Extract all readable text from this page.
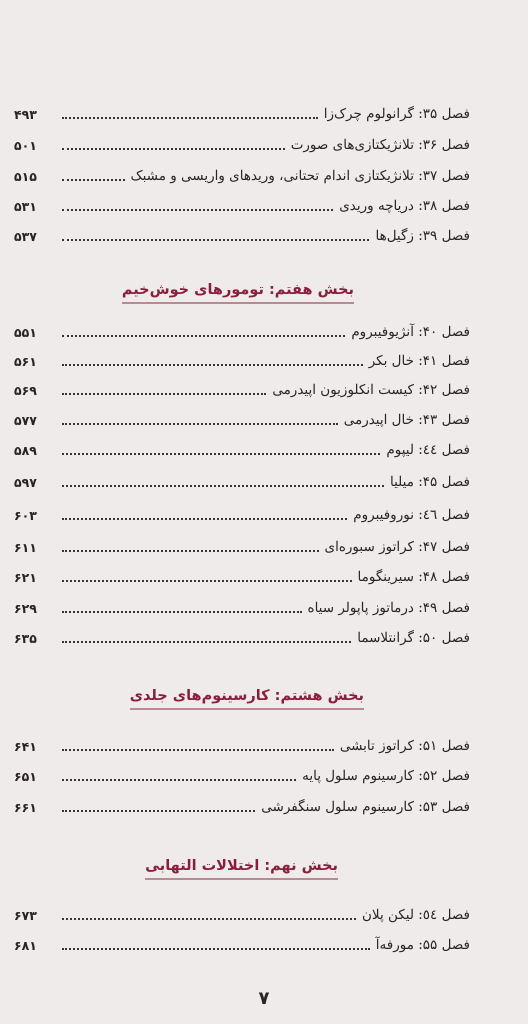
فصل ۳۵: گرانولوم چرک‌زا
۴۹۳
فصل ۳۶: تلانژیکتازی‌های صورت
۵۰۱
فصل ۳۷: تلانژیکتازی اندام تحتانی، وریدهای واریسی و مشبک
۵۱۵
فصل ۳۸: دریاچه وریدی
۵۳۱
فصل ۳۹: زگیل‌ها
۵۳۷
بخش هفتم: تومورهای خوش‌خیم
فصل ۴۰: آنژیوفیبروم
۵۵۱
فصل ۴۱: خال بکر
۵۶۱
فصل ۴۲: کیست انکلوزیون اپیدرمی
۵۶۹
فصل ۴۳: خال اپیدرمی
۵۷۷
فصل ٤٤: لیپوم
۵۸۹
فصل ۴۵: میلیا
۵۹۷
فصل ٤٦: نوروفیبروم
۶۰۳
فصل ۴۷: کراتوز سبوره‌ای
۶۱۱
فصل ۴۸: سیرینگوما
۶۲۱
فصل ۴۹: درماتوز پاپولر سیاه
۶۲۹
فصل ۵۰: گرانتلاسما
۶۳۵
بخش هشتم: کارسینوم‌های جلدی
فصل ۵۱: کراتوز تابشی
۶۴۱
فصل ۵۲: کارسینوم سلول پایه
۶۵۱
فصل ۵۳: کارسینوم سلول سنگفرشی
۶۶۱
بخش نهم: اختلالات التهابی
فصل ٥٤: لیکن پلان
۶۷۳
فصل ۵۵: مورفه‌آ
۶۸۱
۷
